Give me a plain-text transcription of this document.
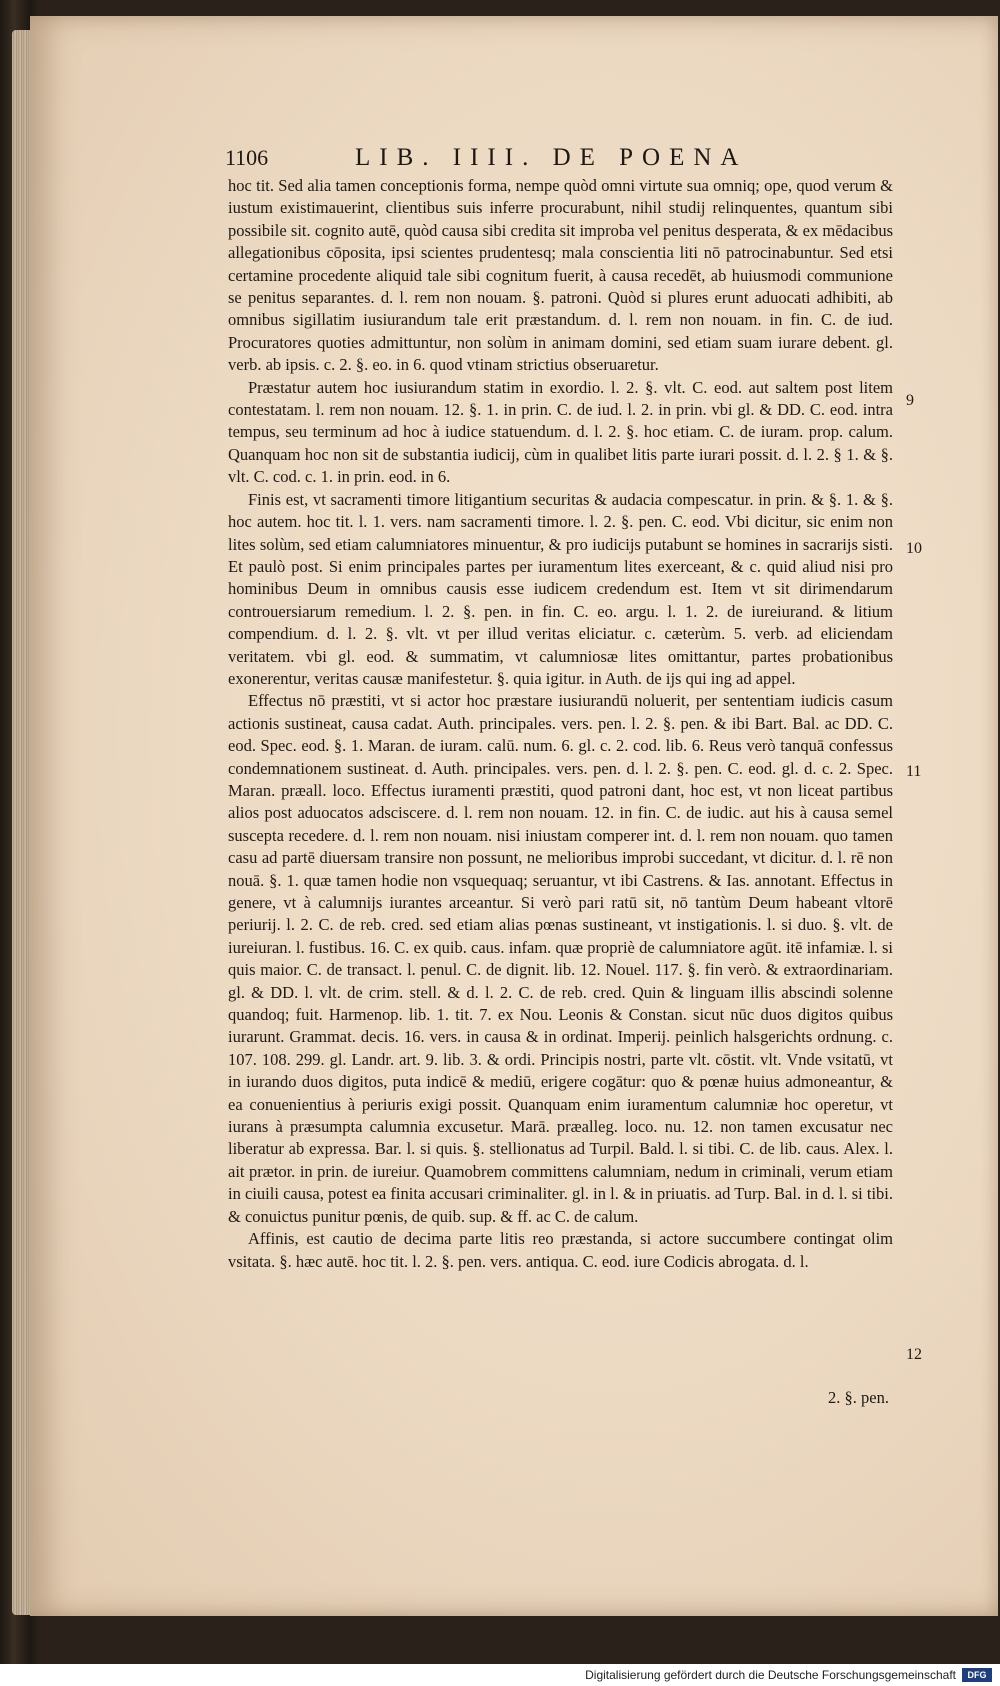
1106	LIB. IIII. DE POENA

hoc tit. Sed alia tamen conceptionis forma, nempe quòd omni virtute sua omniq; ope, quod verum & iustum existimauerint, clientibus suis inferre procurabunt, nihil studij relinquentes, quantum sibi possibile sit. cognito autē, quòd causa sibi credita sit improba vel penitus desperata, & ex mēdacibus allegationibus cōposita, ipsi scientes prudentesq; mala conscientia liti nō patrocinabuntur. Sed etsi certamine procedente aliquid tale sibi cognitum fuerit, à causa recedēt, ab huiusmodi communione se penitus separantes. d. l. rem non nouam. §. patroni. Quòd si plures erunt aduocati adhibiti, ab omnibus sigillatim iusiurandum tale erit præstandum. d. l. rem non nouam. in fin. C. de iud. Procuratores quoties admittuntur, non solùm in animam domini, sed etiam suam iurare debent. gl. verb. ab ipsis. c. 2. §. eo. in 6. quod vtinam strictius obseruaretur.

Præstatur autem hoc iusiurandum statim in exordio. l. 2. §. vlt. C. eod. aut saltem post litem contestatam. l. rem non nouam. 12. §. 1. in prin. C. de iud. l. 2. in prin. vbi gl. & DD. C. eod. intra tempus, seu terminum ad hoc à iudice statuendum. d. l. 2. §. hoc etiam. C. de iuram. prop. calum. Quanquam hoc non sit de substantia iudicij, cùm in qualibet litis parte iurari possit. d. l. 2. § 1. & §. vlt. C. cod. c. 1. in prin. eod. in 6.

Finis est, vt sacramenti timore litigantium securitas & audacia compescatur. in prin. & §. 1. & §. hoc autem. hoc tit. l. 1. vers. nam sacramenti timore. l. 2. §. pen. C. eod. Vbi dicitur, sic enim non lites solùm, sed etiam calumniatores minuentur, & pro iudicijs putabunt se homines in sacrarijs sisti. Et paulò post. Si enim principales partes per iuramentum lites exerceant, & c. quid aliud nisi pro hominibus Deum in omnibus causis esse iudicem credendum est. Item vt sit dirimendarum controuersiarum remedium. l. 2. §. pen. in fin. C. eo. argu. l. 1. 2. de iureiurand. & litium compendium. d. l. 2. §. vlt. vt per illud veritas eliciatur. c. cæterùm. 5. verb. ad eliciendam veritatem. vbi gl. eod. & summatim, vt calumniosæ lites omittantur, partes probationibus exonerentur, veritas causæ manifestetur. §. quia igitur. in Auth. de ijs qui ing ad appel.

Effectus nō præstiti, vt si actor hoc præstare iusiurandū noluerit, per sententiam iudicis casum actionis sustineat, causa cadat. Auth. principales. vers. pen. l. 2. §. pen. & ibi Bart. Bal. ac DD. C. eod. Spec. eod. §. 1. Maran. de iuram. calū. num. 6. gl. c. 2. cod. lib. 6. Reus verò tanquā confessus condemnationem sustineat. d. Auth. principales. vers. pen. d. l. 2. §. pen. C. eod. gl. d. c. 2. Spec. Maran. præall. loco. Effectus iuramenti præstiti, quod patroni dant, hoc est, vt non liceat partibus alios post aduocatos adsciscere. d. l. rem non nouam. 12. in fin. C. de iudic. aut his à causa semel suscepta recedere. d. l. rem non nouam. nisi iniustam comperer int. d. l. rem non nouam. quo tamen casu ad partē diuersam transire non possunt, ne melioribus improbi succedant, vt dicitur. d. l. rē non nouā. §. 1. quæ tamen hodie non vsquequaq; seruantur, vt ibi Castrens. & Ias. annotant. Effectus in genere, vt à calumnijs iurantes arceantur. Si verò pari ratū sit, nō tantùm Deum habeant vltorē periurij. l. 2. C. de reb. cred. sed etiam alias pœnas sustineant, vt instigationis. l. si duo. §. vlt. de iureiuran. l. fustibus. 16. C. ex quib. caus. infam. quæ propriè de calumniatore agūt. itē infamiæ. l. si quis maior. C. de transact. l. penul. C. de dignit. lib. 12. Nouel. 117. §. fin verò. & extraordinariam. gl. & DD. l. vlt. de crim. stell. & d. l. 2. C. de reb. cred. Quin & linguam illis abscindi solenne quandoq; fuit. Harmenop. lib. 1. tit. 7. ex Nou. Leonis & Constan. sicut nūc duos digitos quibus iurarunt. Grammat. decis. 16. vers. in causa & in ordinat. Imperij. peinlich halsgerichts ordnung. c. 107. 108. 299. gl. Landr. art. 9. lib. 3. & ordi. Principis nostri, parte vlt. cōstit. vlt. Vnde vsitatū, vt in iurando duos digitos, puta indicē & mediū, erigere cogātur: quo & pœnæ huius admoneantur, & ea conuenientius à periuris exigi possit. Quanquam enim iuramentum calumniæ hoc operetur, vt iurans à præsumpta calumnia excusetur. Marā. præalleg. loco. nu. 12. non tamen excusatur nec liberatur ab expressa. Bar. l. si quis. §. stellionatus ad Turpil. Bald. l. si tibi. C. de lib. caus. Alex. l. ait prætor. in prin. de iureiur. Quamobrem committens calumniam, nedum in criminali, verum etiam in ciuili causa, potest ea finita accusari criminaliter. gl. in l. & in priuatis. ad Turp. Bal. in d. l. si tibi. & conuictus punitur pœnis, de quib. sup. & ff. ac C. de calum.

Affinis, est cautio de decima parte litis reo præstanda, si actore succumbere contingat olim vsitata. §. hæc autē. hoc tit. l. 2. §. pen. vers. antiqua. C. eod. iure Codicis abrogata. d. l.

9
10
11
12
2. §. pen.
Digitalisierung gefördert durch die Deutsche Forschungsgemeinschaft	DFG
